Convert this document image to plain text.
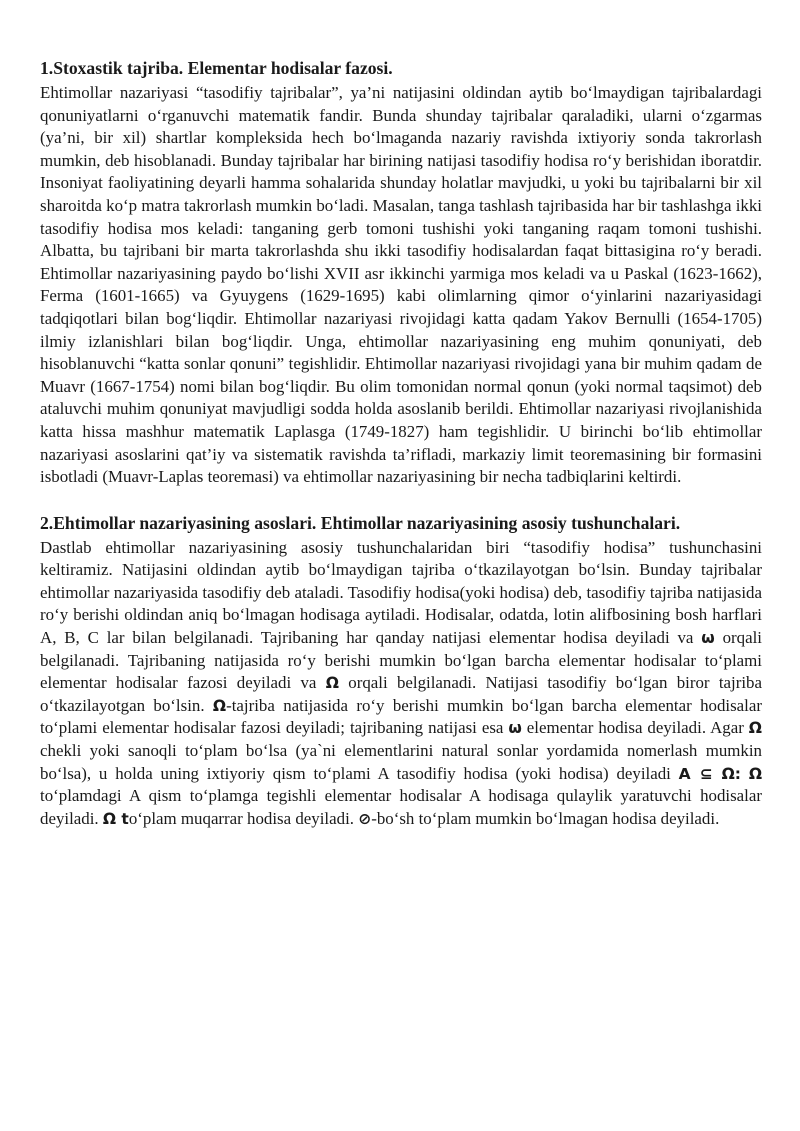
1.Stoxastik tajriba. Elementar hodisalar fazosi.

Ehtimollar nazariyasi “tasodifiy tajribalar”, ya’ni natijasini oldindan aytib bo‘lmaydigan tajribalardagi qonuniyatlarni o‘rganuvchi matematik fandir. Bunda shunday tajribalar qaraladiki, ularni o‘zgarmas (ya’ni, bir xil) shartlar kompleksida hech bo‘lmaganda nazariy ravishda ixtiyoriy sonda takrorlash mumkin, deb hisoblanadi. Bunday tajribalar har birining natijasi tasodifiy hodisa ro‘y berishidan iboratdir. Insoniyat faoliyatining deyarli hamma sohalarida shunday holatlar mavjudki, u yoki bu tajribalarni bir xil sharoitda ko‘p matra takrorlash mumkin bo‘ladi. Masalan, tanga tashlash tajribasida har bir tashlashga ikki tasodifiy hodisa mos keladi: tanganing gerb tomoni tushishi yoki tanganing raqam tomoni tushishi. Albatta, bu tajribani bir marta takrorlashda shu ikki tasodifiy hodisalardan faqat bittasigina ro‘y beradi. Ehtimollar nazariyasining paydo bo‘lishi XVII asr ikkinchi yarmiga mos keladi va u Paskal (1623-1662), Ferma (1601-1665) va Gyuygens (1629-1695) kabi olimlarning qimor o‘yinlarini nazariyasidagi tadqiqotlari bilan bog‘liqdir. Ehtimollar nazariyasi rivojidagi katta qadam Yakov Bernulli (1654-1705) ilmiy izlanishlari bilan bog‘liqdir. Unga, ehtimollar nazariyasining eng muhim qonuniyati, deb hisoblanuvchi “katta sonlar qonuni” tegishlidir. Ehtimollar nazariyasi rivojidagi yana bir muhim qadam de Muavr (1667-1754) nomi bilan bog‘liqdir. Bu olim tomonidan normal qonun (yoki normal taqsimot) deb ataluvchi muhim qonuniyat mavjudligi sodda holda asoslanib berildi. Ehtimollar nazariyasi rivojlanishida katta hissa mashhur matematik Laplasga (1749-1827) ham tegishlidir. U birinchi bo‘lib ehtimollar nazariyasi asoslarini qat’iy va sistematik ravishda ta’rifladi, markaziy limit teoremasining bir formasini isbotladi (Muavr-Laplas teoremasi) va ehtimollar nazariyasining bir necha tadbiqlarini keltirdi.

2.Ehtimollar nazariyasining asoslari. Ehtimollar nazariyasining asosiy tushunchalari.

Dastlab ehtimollar nazariyasining asosiy tushunchalaridan biri “tasodifiy hodisa” tushunchasini keltiramiz. Natijasini oldindan aytib bo‘lmaydigan tajriba o‘tkazilayotgan bo‘lsin. Bunday tajribalar ehtimollar nazariyasida tasodifiy deb ataladi. Tasodifiy hodisa(yoki hodisa) deb, tasodifiy tajriba natijasida ro‘y berishi oldindan aniq bo‘lmagan hodisaga aytiladi. Hodisalar, odatda, lotin alifbosining bosh harflari A, B, C lar bilan belgilanadi. Tajribaning har qanday natijasi elementar hodisa deyiladi va ω orqali belgilanadi. Tajribaning natijasida ro‘y berishi mumkin bo‘lgan barcha elementar hodisalar to‘plami elementar hodisalar fazosi deyiladi va Ω orqali belgilanadi. Natijasi tasodifiy bo‘lgan biror tajriba o‘tkazilayotgan bo‘lsin. Ω-tajriba natijasida ro‘y berishi mumkin bo‘lgan barcha elementar hodisalar to‘plami elementar hodisalar fazosi deyiladi; tajribaning natijasi esa ω elementar hodisa deyiladi. Agar Ω chekli yoki sanoqli to‘plam bo‘lsa (ya`ni elementlarini natural sonlar yordamida nomerlash mumkin bo‘lsa), u holda uning ixtiyoriy qism to‘plami A tasodifiy hodisa (yoki hodisa) deyiladi A ⊆ Ω: Ω to‘plamdagi A qism to‘plamga tegishli elementar hodisalar A hodisaga qulaylik yaratuvchi hodisalar deyiladi. Ω to‘plam muqarrar hodisa deyiladi. ⊘-bo‘sh to‘plam mumkin bo‘lmagan hodisa deyiladi.
